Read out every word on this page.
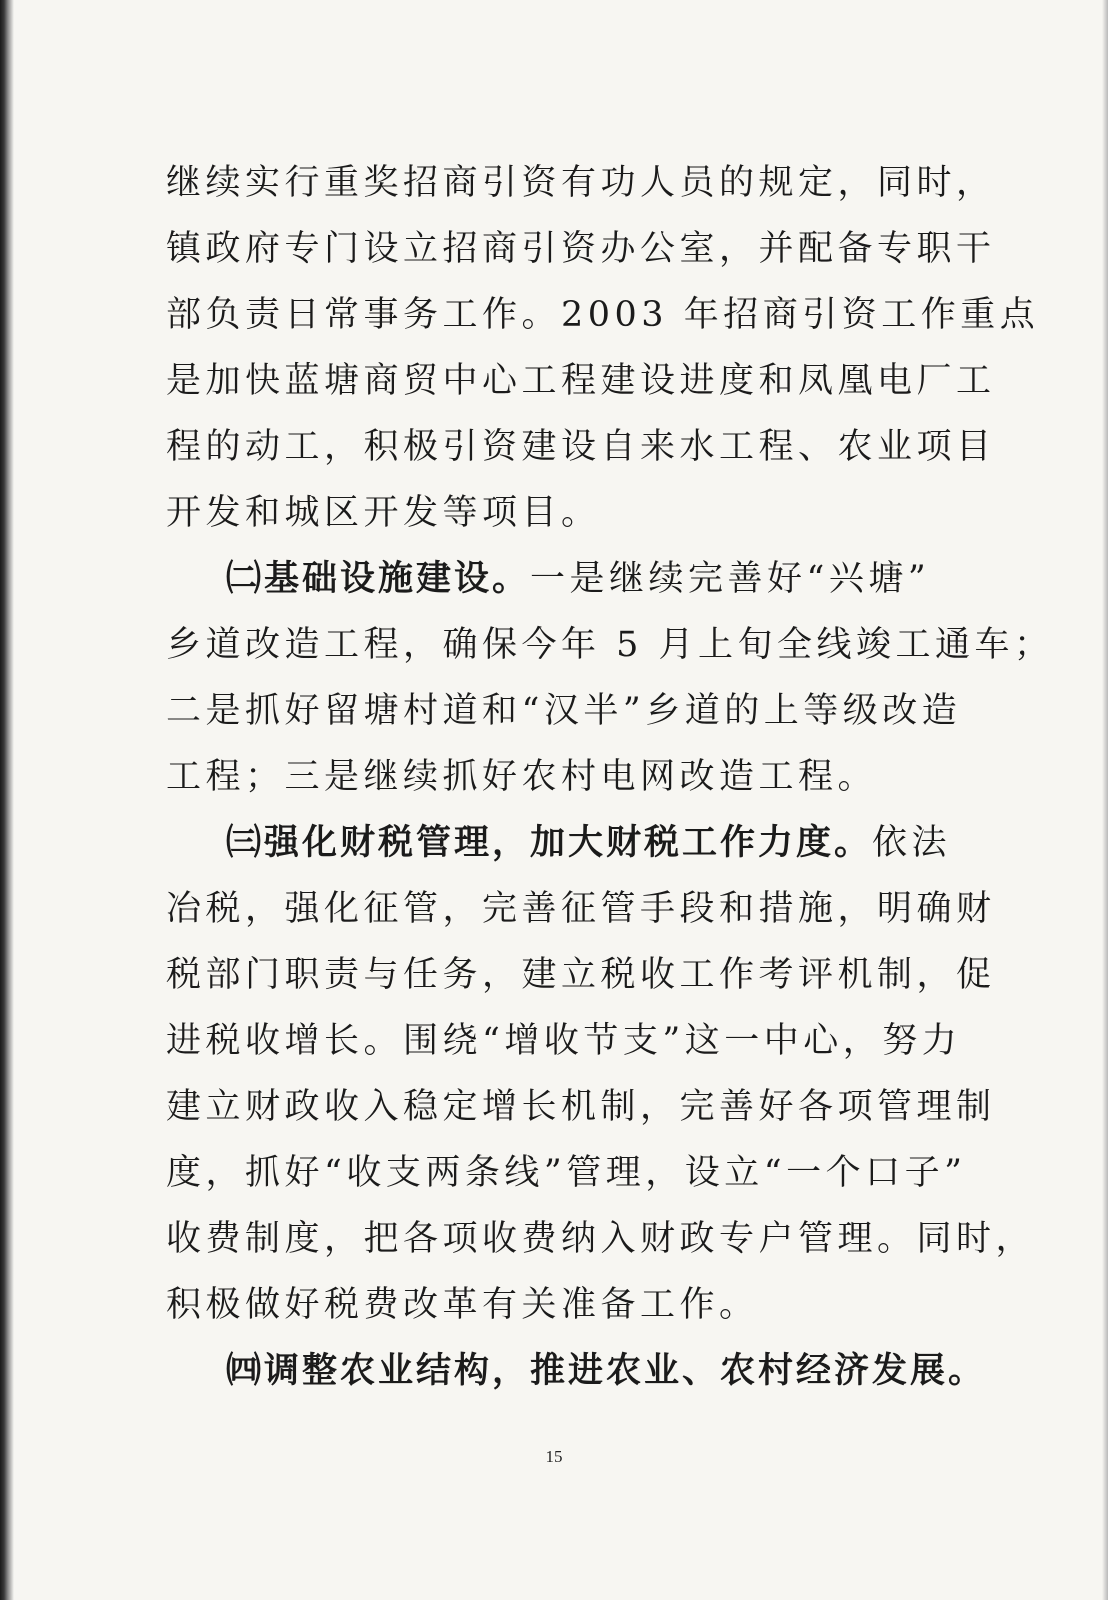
继续实行重奖招商引资有功人员的规定，同时，
镇政府专门设立招商引资办公室，并配备专职干
部负责日常事务工作。2003 年招商引资工作重点
是加快蓝塘商贸中心工程建设进度和凤凰电厂工
程的动工，积极引资建设自来水工程、农业项目
开发和城区开发等项目。
㈡基础设施建设。一是继续完善好“兴塘”
乡道改造工程，确保今年 5 月上旬全线竣工通车；
二是抓好留塘村道和“汉半”乡道的上等级改造
工程；三是继续抓好农村电网改造工程。
㈢强化财税管理，加大财税工作力度。依法
冶税，强化征管，完善征管手段和措施，明确财
税部门职责与任务，建立税收工作考评机制，促
进税收增长。围绕“增收节支”这一中心，努力
建立财政收入稳定增长机制，完善好各项管理制
度，抓好“收支两条线”管理，设立“一个口子”
收费制度，把各项收费纳入财政专户管理。同时，
积极做好税费改革有关准备工作。
㈣调整农业结构，推进农业、农村经济发展。
15
